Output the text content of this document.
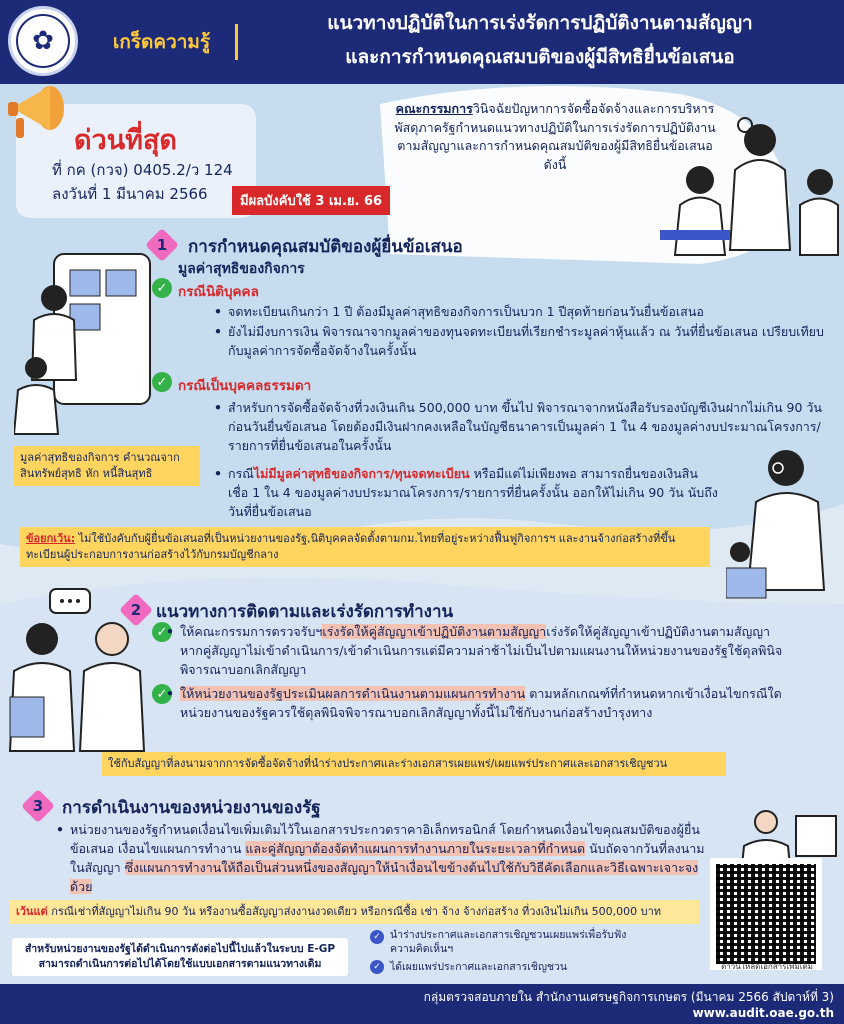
✿	เกร็ดความรู้
แนวทางปฏิบัติในการเร่งรัดการปฏิบัติงานตามสัญญา
และการกำหนดคุณสมบติของผู้มีสิทธิยื่นข้อเสนอ
ด่วนที่สุด
ที่ กค (กวจ) 0405.2/ว 124
ลงวันที่ 1 มีนาคม 2566	มีผลบังคับใช้ 3 เม.ย. 66
คณะกรรมการวินิจฉัยปัญหาการจัดซื้อจัดจ้างและการบริหารพัสดุภาครัฐกำหนดแนวทางปฏิบัติในการเร่งรัดการปฏิบัติงานตามสัญญาและการกำหนดคุณสมบัติของผู้มีสิทธิยื่นข้อเสนอ ดังนี้
1	การกำหนดคุณสมบัติของผู้ยื่นข้อเสนอ
มูลค่าสุทธิของกิจการ
✓ กรณีนิติบุคคล
• จดทะเบียนเกินกว่า 1 ปี ต้องมีมูลค่าสุทธิของกิจการเป็นบวก 1 ปีสุดท้ายก่อนวันยื่นข้อเสนอ
• ยังไม่มีงบการเงิน พิจารณาจากมูลค่าของทุนจดทะเบียนที่เรียกชำระมูลค่าหุ้นแล้ว ณ วันที่ยื่นข้อเสนอ เปรียบเทียบกับมูลค่าการจัดซื้อจัดจ้างในครั้งนั้น
✓ กรณีเป็นบุคคลธรรมดา
• สำหรับการจัดซื้อจัดจ้างที่วงเงินเกิน 500,000 บาท ขึ้นไป พิจารณาจากหนังสือรับรองบัญชีเงินฝากไม่เกิน 90 วัน ก่อนวันยื่นข้อเสนอ โดยต้องมีเงินฝากคงเหลือในบัญชีธนาคารเป็นมูลค่า 1 ใน 4 ของมูลค่างบประมาณโครงการ/รายการที่ยื่นข้อเสนอในครั้งนั้น
• กรณีไม่มีมูลค่าสุทธิของกิจการ/ทุนจดทะเบียน หรือมีแต่ไม่เพียงพอ สามารถยื่นของเงินสินเชื่อ 1 ใน 4 ของมูลค่างบประมาณโครงการ/รายการที่ยื่นครั้งนั้น ออกให้ไม่เกิน 90 วัน นับถึงวันที่ยื่นข้อเสนอ
มูลค่าสุทธิของกิจการ คำนวณจาก สินทรัพย์สุทธิ หัก หนี้สินสุทธิ
ข้อยกเว้น: ไม่ใช้บังคับกับผู้ยื่นข้อเสนอที่เป็นหน่วยงานของรัฐ,นิติบุคคลจัดตั้งตามกม.ไทยที่อยู่ระหว่างฟื้นฟูกิจการฯ และงานจ้างก่อสร้างที่ขึ้นทะเบียนผู้ประกอบการงานก่อสร้างไว้กับกรมบัญชีกลาง
2 แนวทางการติดตามและเร่งรัดการทำงาน
✓	• ให้คณะกรรมการตรวจรับฯเร่งรัดให้คู่สัญญาเข้าปฏิบัติงานตามสัญญาเร่งรัดให้คู่สัญญาเข้าปฏิบัติงานตามสัญญาหากคู่สัญญาไม่เข้าดำเนินการ/เข้าดำเนินการแต่มีความล่าช้าไม่เป็นไปตามแผนงานให้หน่วยงานของรัฐใช้ดุลพินิจพิจารณาบอกเลิกสัญญา
✓	• ให้หน่วยงานของรัฐประเมินผลการดำเนินงานตามแผนการทำงาน ตามหลักเกณฑ์ที่กำหนดหากเข้าเงื่อนไขกรณีใด หน่วยงานของรัฐควรใช้ดุลพินิจพิจารณาบอกเลิกสัญญาทั้งนี้ไม่ใช้กับงานก่อสร้างบำรุงทาง
ใช้กับสัญญาที่ลงนามจากการจัดซื้อจัดจ้างที่นำร่างประกาศและร่างเอกสารเผยแพร่/เผยแพร่ประกาศและเอกสารเชิญชวน
3	การดำเนินงานของหน่วยงานของรัฐ
• หน่วยงานของรัฐกำหนดเงื่อนไขเพิ่มเติมไว้ในเอกสารประกวดราคาอิเล็กทรอนิกส์ โดยกำหนดเงื่อนไขคุณสมบัติของผู้ยื่นข้อเสนอ เงื่อนไขแผนการทำงาน และคู่สัญญาต้องจัดทำแผนการทำงานภายในระยะเวลาที่กำหนด นับถัดจากวันที่ลงนามในสัญญา ซึ่งแผนการทำงานให้ถือเป็นส่วนหนึ่งของสัญญาให้นำเงื่อนไขข้างต้นไปใช้กับวิธีคัดเลือกและวิธีเฉพาะเจาะจงด้วย
เว้นแต่ กรณีเช่าที่สัญญาไม่เกิน 90 วัน หรืองานซื้อสัญญาส่งงานงวดเดียว หรือกรณีซื้อ เช่า จ้าง จ้างก่อสร้าง ที่วงเงินไม่เกิน 500,000 บาท
สำหรับหน่วยงานของรัฐได้ดำเนินการดังต่อไปนี้ไปแล้วในระบบ E-GP สามารถดำเนินการต่อไปได้โดยใช้แบบเอกสารตามแนวทางเดิม
✓ นำร่างประกาศและเอกสารเชิญชวนเผยแพร่เพื่อรับฟังความคิดเห็นฯ
✓ ได้เผยแพร่ประกาศและเอกสารเชิญชวน	ดาวน์โหลดเอกสารเพิ่มเติม
กลุ่มตรวจสอบภายใน สำนักงานเศรษฐกิจการเกษตร (มีนาคม 2566 สัปดาห์ที่ 3)
www.audit.oae.go.th
